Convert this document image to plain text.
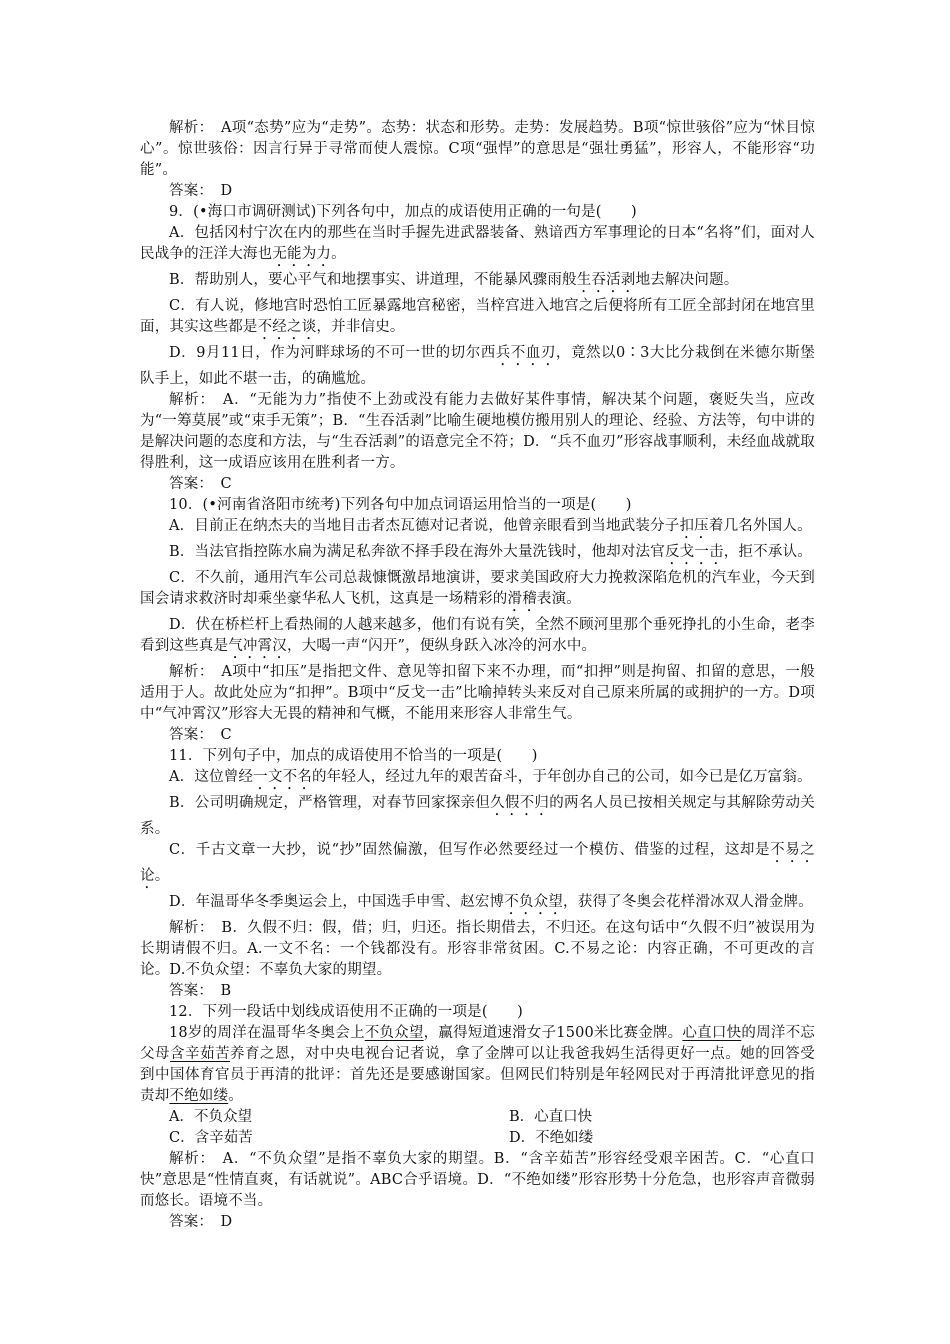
解析：　A项“态势”应为“走势”。态势：状态和形势。走势：发展趋势。B项“惊世骇俗”应为“怵目惊心”。惊世骇俗：因言行异于寻常而使人震惊。C项“强悍”的意思是“强壮勇猛”，形容人，不能形容“功能”。

答案：　D

9．(•海口市调研测试)下列各句中，加点的成语使用正确的一句是(　　)

A．包括冈村宁次在内的那些在当时手握先进武器装备、熟谙西方军事理论的日本“名将”们，面对人民战争的汪洋大海也无能为力。

B．帮助别人，要心平气和地摆事实、讲道理，不能暴风骤雨般生吞活剥地去解决问题。

C．有人说，修地宫时恐怕工匠暴露地宫秘密，当梓宫进入地宫之后便将所有工匠全部封闭在地宫里面，其实这些都是不经之谈，并非信史。

D．9月11日，作为河畔球场的不可一世的切尔西兵不血刃，竟然以0∶3大比分栽倒在米德尔斯堡队手上，如此不堪一击，的确尴尬。

解析：　A．“无能为力”指使不上劲或没有能力去做好某件事情，解决某个问题，褒贬失当，应改为“一筹莫展”或“束手无策”；B．“生吞活剥”比喻生硬地模仿搬用别人的理论、经验、方法等，句中讲的是解决问题的态度和方法，与“生吞活剥”的语意完全不符；D．“兵不血刃”形容战事顺利，未经血战就取得胜利，这一成语应该用在胜利者一方。

答案：　C

10．(•河南省洛阳市统考)下列各句中加点词语运用恰当的一项是(　　)

A．目前正在纳杰夫的当地目击者杰瓦德对记者说，他曾亲眼看到当地武装分子扣压着几名外国人。

B．当法官指控陈水扁为满足私奔欲不择手段在海外大量洗钱时，他却对法官反戈一击，拒不承认。

C．不久前，通用汽车公司总裁慷慨激昂地演讲，要求美国政府大力挽救深陷危机的汽车业，今天到国会请求救济时却乘坐豪华私人飞机，这真是一场精彩的滑稽表演。

D．伏在桥栏杆上看热闹的人越来越多，他们有说有笑，全然不顾河里那个垂死挣扎的小生命，老李看到这些真是气冲霄汉，大喝一声“闪开”，便纵身跃入冰冷的河水中。

解析：　A项中“扣压”是指把文件、意见等扣留下来不办理，而“扣押”则是拘留、扣留的意思，一般适用于人。故此处应为“扣押”。B项中“反戈一击”比喻掉转头来反对自己原来所属的或拥护的一方。D项中“气冲霄汉”形容大无畏的精神和气概，不能用来形容人非常生气。

答案：　C

11．下列句子中，加点的成语使用不恰当的一项是(　　)

A．这位曾经一文不名的年轻人，经过九年的艰苦奋斗，于年创办自己的公司，如今已是亿万富翁。

B．公司明确规定，严格管理，对春节回家探亲但久假不归的两名人员已按相关规定与其解除劳动关系。

C．千古文章一大抄，说“抄”固然偏激，但写作必然要经过一个模仿、借鉴的过程，这却是不易之论。

D．年温哥华冬季奥运会上，中国选手申雪、赵宏博不负众望，获得了冬奥会花样滑冰双人滑金牌。

解析：　B．久假不归：假，借；归，归还。指长期借去，不归还。在这句话中“久假不归”被误用为长期请假不归。A.一文不名：一个钱都没有。形容非常贫困。C.不易之论：内容正确，不可更改的言论。D.不负众望：不辜负大家的期望。

答案：　B

12．下列一段话中划线成语使用不正确的一项是(　　)

18岁的周洋在温哥华冬奥会上不负众望，赢得短道速滑女子1500米比赛金牌。心直口快的周洋不忘父母含辛茹苦养育之恩，对中央电视台记者说，拿了金牌可以让我爸我妈生活得更好一点。她的回答受到中国体育官员于再清的批评：首先还是要感谢国家。但网民们特别是年轻网民对于再清批评意见的指责却不绝如缕。

A．不负众望	B．心直口快
C．含辛茹苦	D．不绝如缕

解析：　A．“不负众望”是指不辜负大家的期望。B．“含辛茹苦”形容经受艰辛困苦。C．“心直口快”意思是“性情直爽，有话就说”。ABC合乎语境。D．“不绝如缕”形容形势十分危急，也形容声音微弱而悠长。语境不当。

答案：　D
